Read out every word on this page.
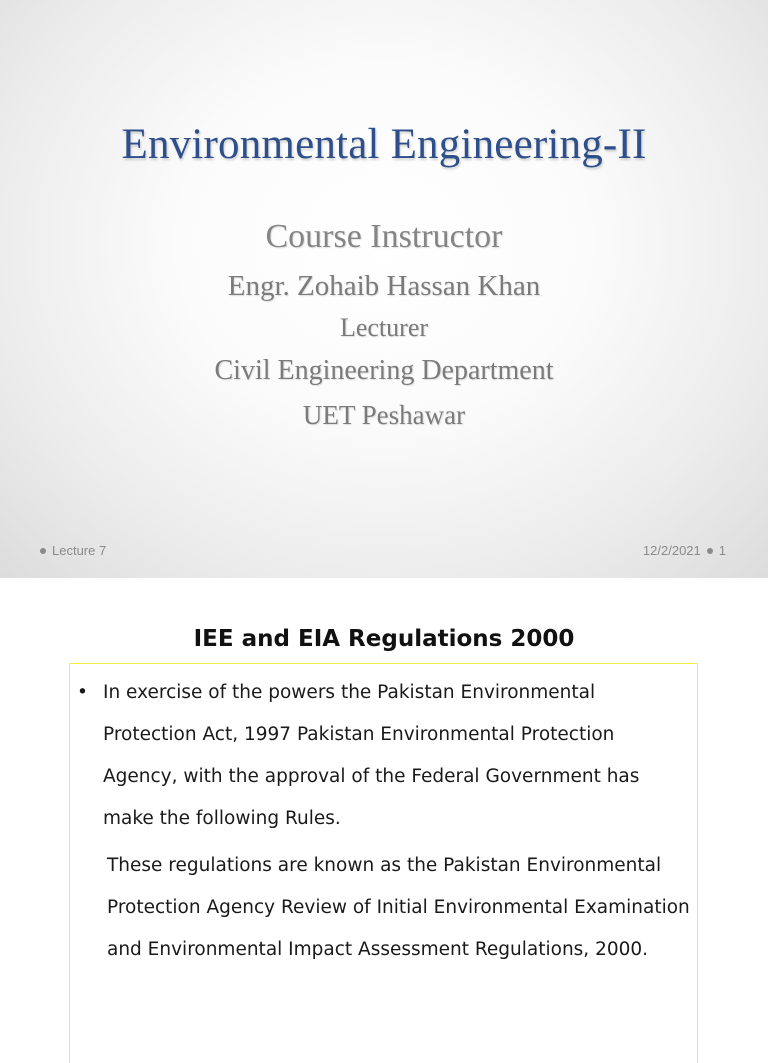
Environmental Engineering-II
Course Instructor
Engr. Zohaib Hassan Khan
Lecturer
Civil Engineering Department
UET Peshawar
Lecture 7	12/2/2021 1
IEE and EIA Regulations 2000
• In exercise of the powers the Pakistan Environmental Protection Act, 1997 Pakistan Environmental Protection Agency, with the approval of the Federal Government has make the following Rules.
These regulations are known as the Pakistan Environmental Protection Agency Review of Initial Environmental Examination and Environmental Impact Assessment Regulations, 2000.
